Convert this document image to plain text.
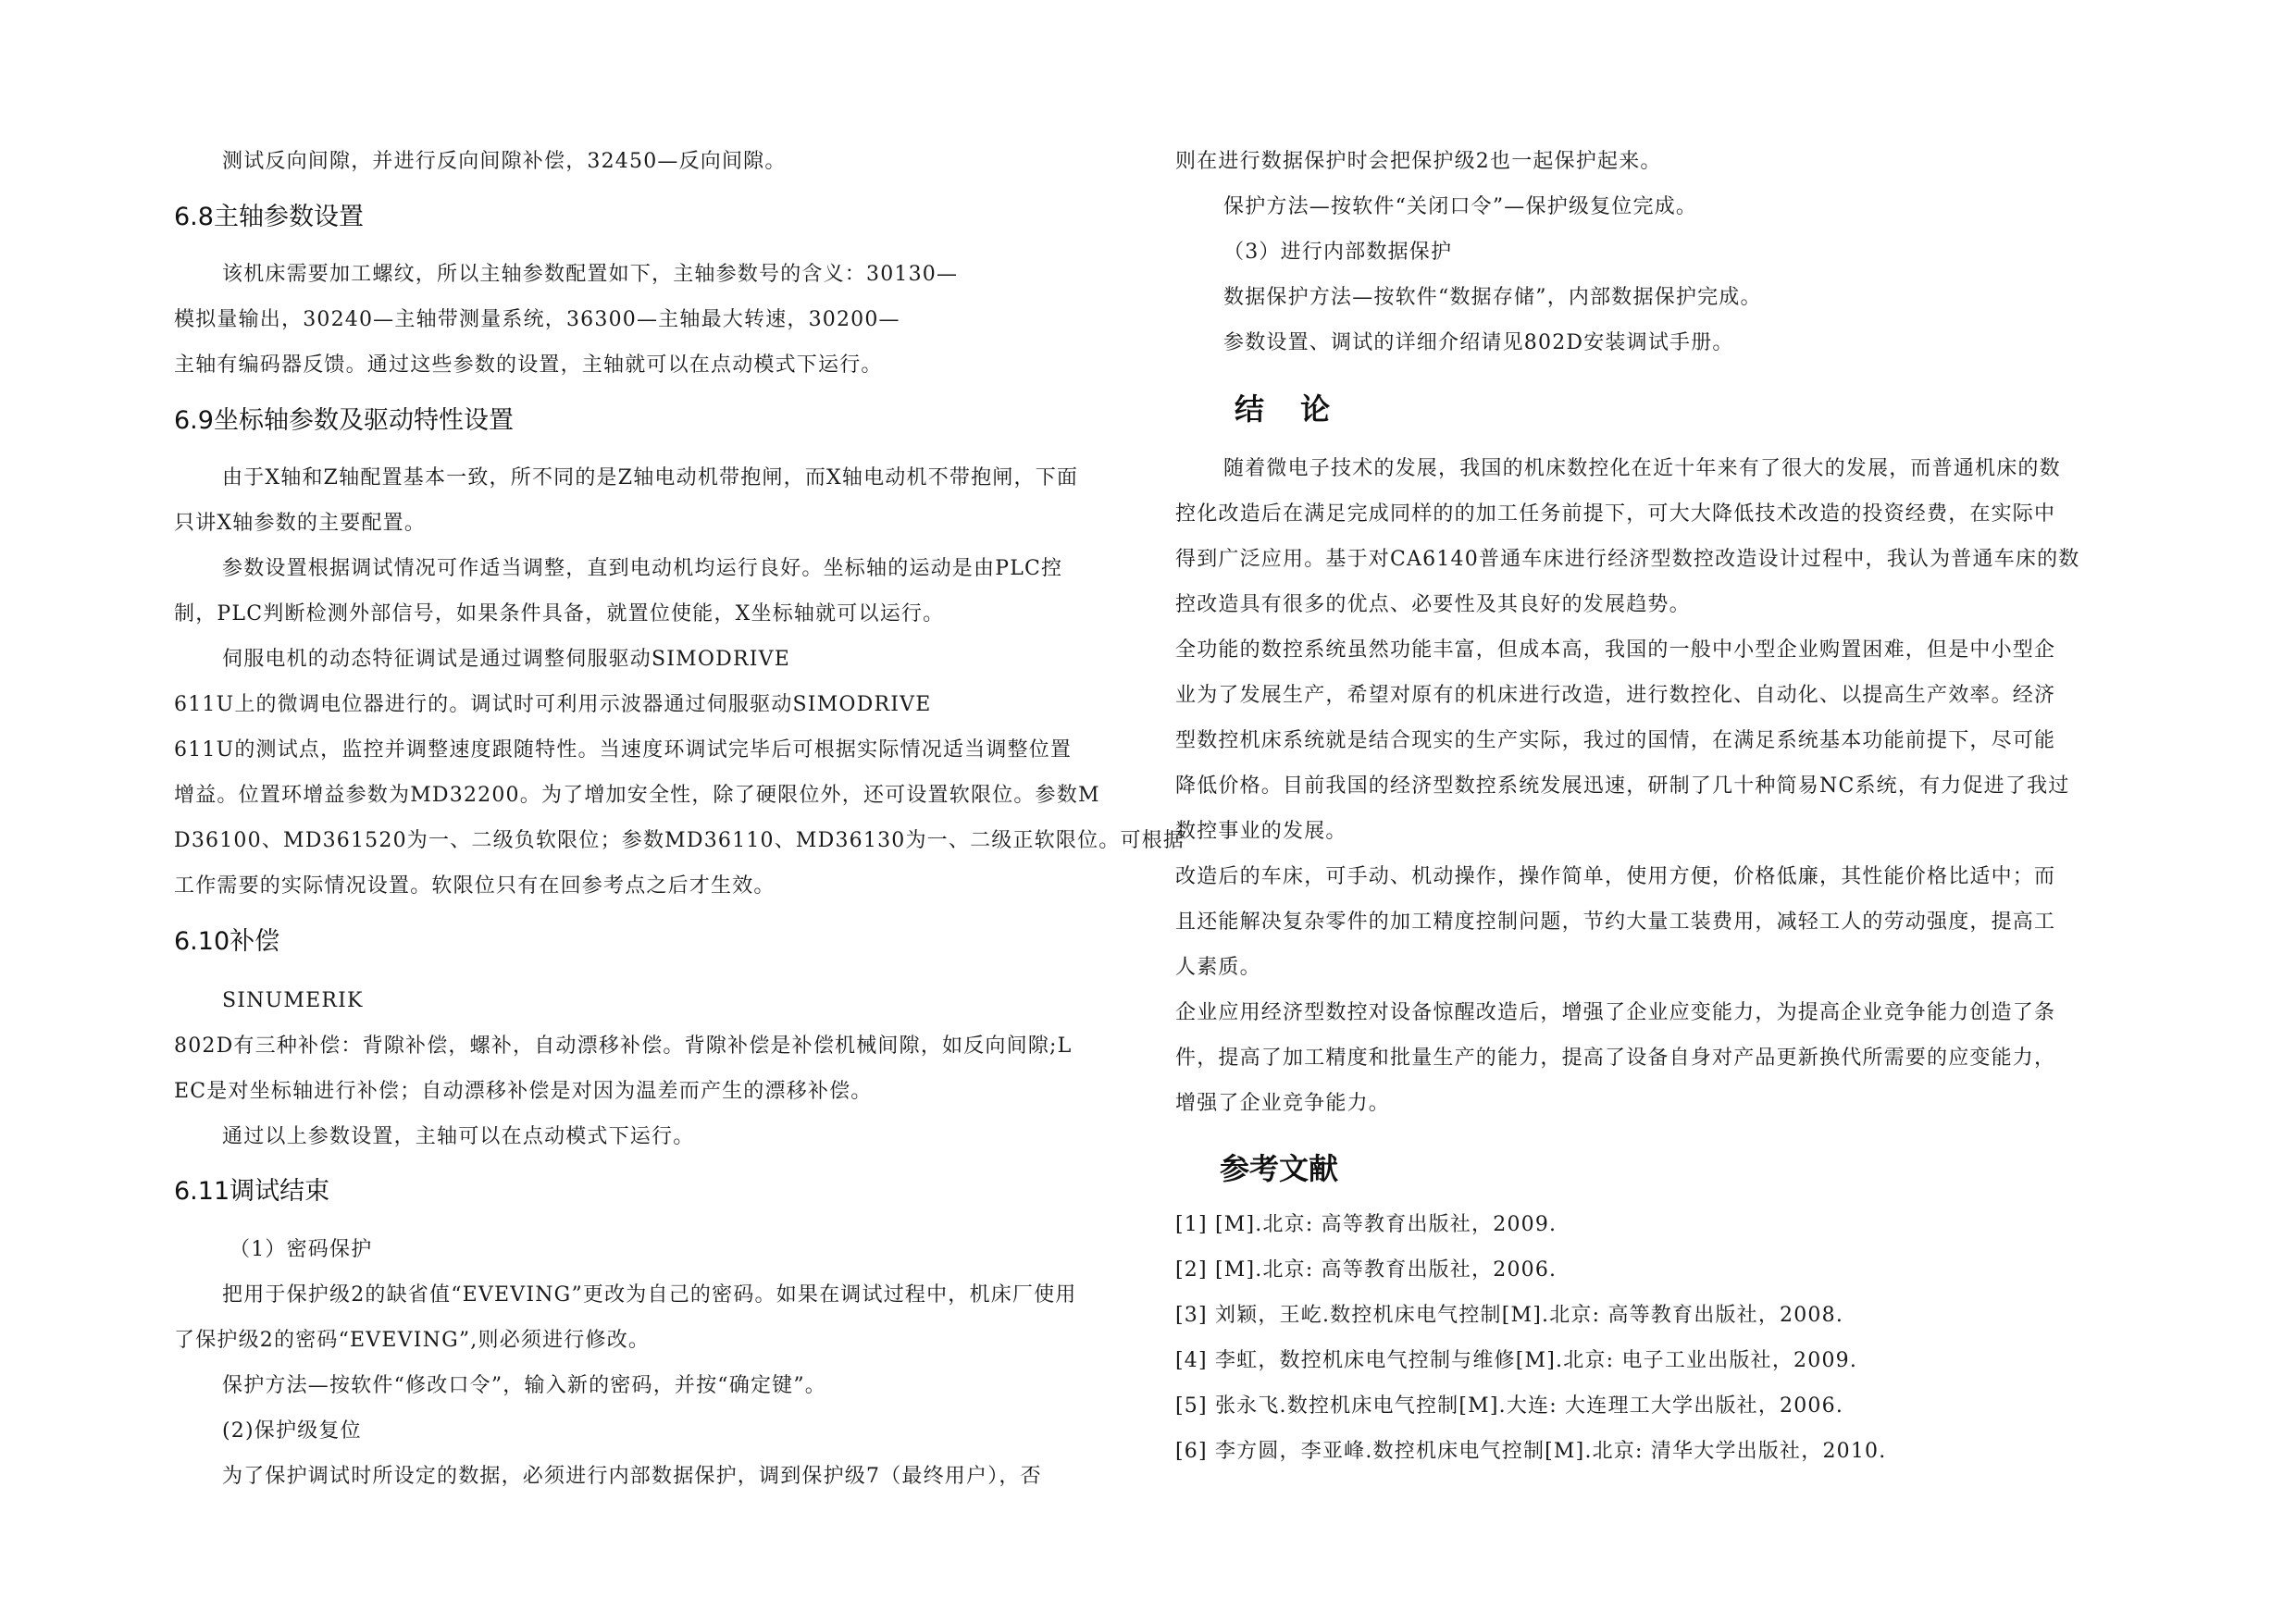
测试反向间隙，并进行反向间隙补偿，32450—反向间隙。
6.8主轴参数设置
该机床需要加工螺纹，所以主轴参数配置如下，主轴参数号的含义：30130—
模拟量输出，30240—主轴带测量系统，36300—主轴最大转速，30200—
主轴有编码器反馈。通过这些参数的设置，主轴就可以在点动模式下运行。
6.9坐标轴参数及驱动特性设置
由于X轴和Z轴配置基本一致，所不同的是Z轴电动机带抱闸，而X轴电动机不带抱闸，下面
只讲X轴参数的主要配置。
参数设置根据调试情况可作适当调整，直到电动机均运行良好。坐标轴的运动是由PLC控
制，PLC判断检测外部信号，如果条件具备，就置位使能，X坐标轴就可以运行。
伺服电机的动态特征调试是通过调整伺服驱动SIMODRIVE
611U上的微调电位器进行的。调试时可利用示波器通过伺服驱动SIMODRIVE
611U的测试点，监控并调整速度跟随特性。当速度环调试完毕后可根据实际情况适当调整位置
增益。位置环增益参数为MD32200。为了增加安全性，除了硬限位外，还可设置软限位。参数M
D36100、MD361520为一、二级负软限位；参数MD36110、MD36130为一、二级正软限位。可根据
工作需要的实际情况设置。软限位只有在回参考点之后才生效。
6.10补偿
SINUMERIK
802D有三种补偿：背隙补偿，螺补，自动漂移补偿。背隙补偿是补偿机械间隙，如反向间隙;L
EC是对坐标轴进行补偿；自动漂移补偿是对因为温差而产生的漂移补偿。
通过以上参数设置，主轴可以在点动模式下运行。
6.11调试结束
（1）密码保护
把用于保护级2的缺省值“EVEVING”更改为自己的密码。如果在调试过程中，机床厂使用
了保护级2的密码“EVEVING”,则必须进行修改。
保护方法—按软件“修改口令”，输入新的密码，并按“确定键”。
(2)保护级复位
为了保护调试时所设定的数据，必须进行内部数据保护，调到保护级7（最终用户），否
则在进行数据保护时会把保护级2也一起保护起来。
保护方法—按软件“关闭口令”—保护级复位完成。
（3）进行内部数据保护
数据保护方法—按软件“数据存储”，内部数据保护完成。
参数设置、调试的详细介绍请见802D安装调试手册。
结 论
随着微电子技术的发展，我国的机床数控化在近十年来有了很大的发展，而普通机床的数
控化改造后在满足完成同样的的加工任务前提下，可大大降低技术改造的投资经费，在实际中
得到广泛应用。基于对CA6140普通车床进行经济型数控改造设计过程中，我认为普通车床的数
控改造具有很多的优点、必要性及其良好的发展趋势。
全功能的数控系统虽然功能丰富，但成本高，我国的一般中小型企业购置困难，但是中小型企
业为了发展生产，希望对原有的机床进行改造，进行数控化、自动化、以提高生产效率。经济
型数控机床系统就是结合现实的生产实际，我过的国情，在满足系统基本功能前提下，尽可能
降低价格。目前我国的经济型数控系统发展迅速，研制了几十种简易NC系统，有力促进了我过
数控事业的发展。
改造后的车床，可手动、机动操作，操作简单，使用方便，价格低廉，其性能价格比适中；而
且还能解决复杂零件的加工精度控制问题，节约大量工装费用，减轻工人的劳动强度，提高工
人素质。
企业应用经济型数控对设备惊醒改造后，增强了企业应变能力，为提高企业竞争能力创造了条
件，提高了加工精度和批量生产的能力，提高了设备自身对产品更新换代所需要的应变能力，
增强了企业竞争能力。
参考文献
[1] [M].北京: 高等教育出版社，2009.
[2] [M].北京: 高等教育出版社，2006.
[3] 刘颖，王屹.数控机床电气控制[M].北京: 高等教育出版社，2008.
[4] 李虹，数控机床电气控制与维修[M].北京: 电子工业出版社，2009.
[5] 张永飞.数控机床电气控制[M].大连: 大连理工大学出版社，2006.
[6] 李方圆，李亚峰.数控机床电气控制[M].北京: 清华大学出版社，2010.
